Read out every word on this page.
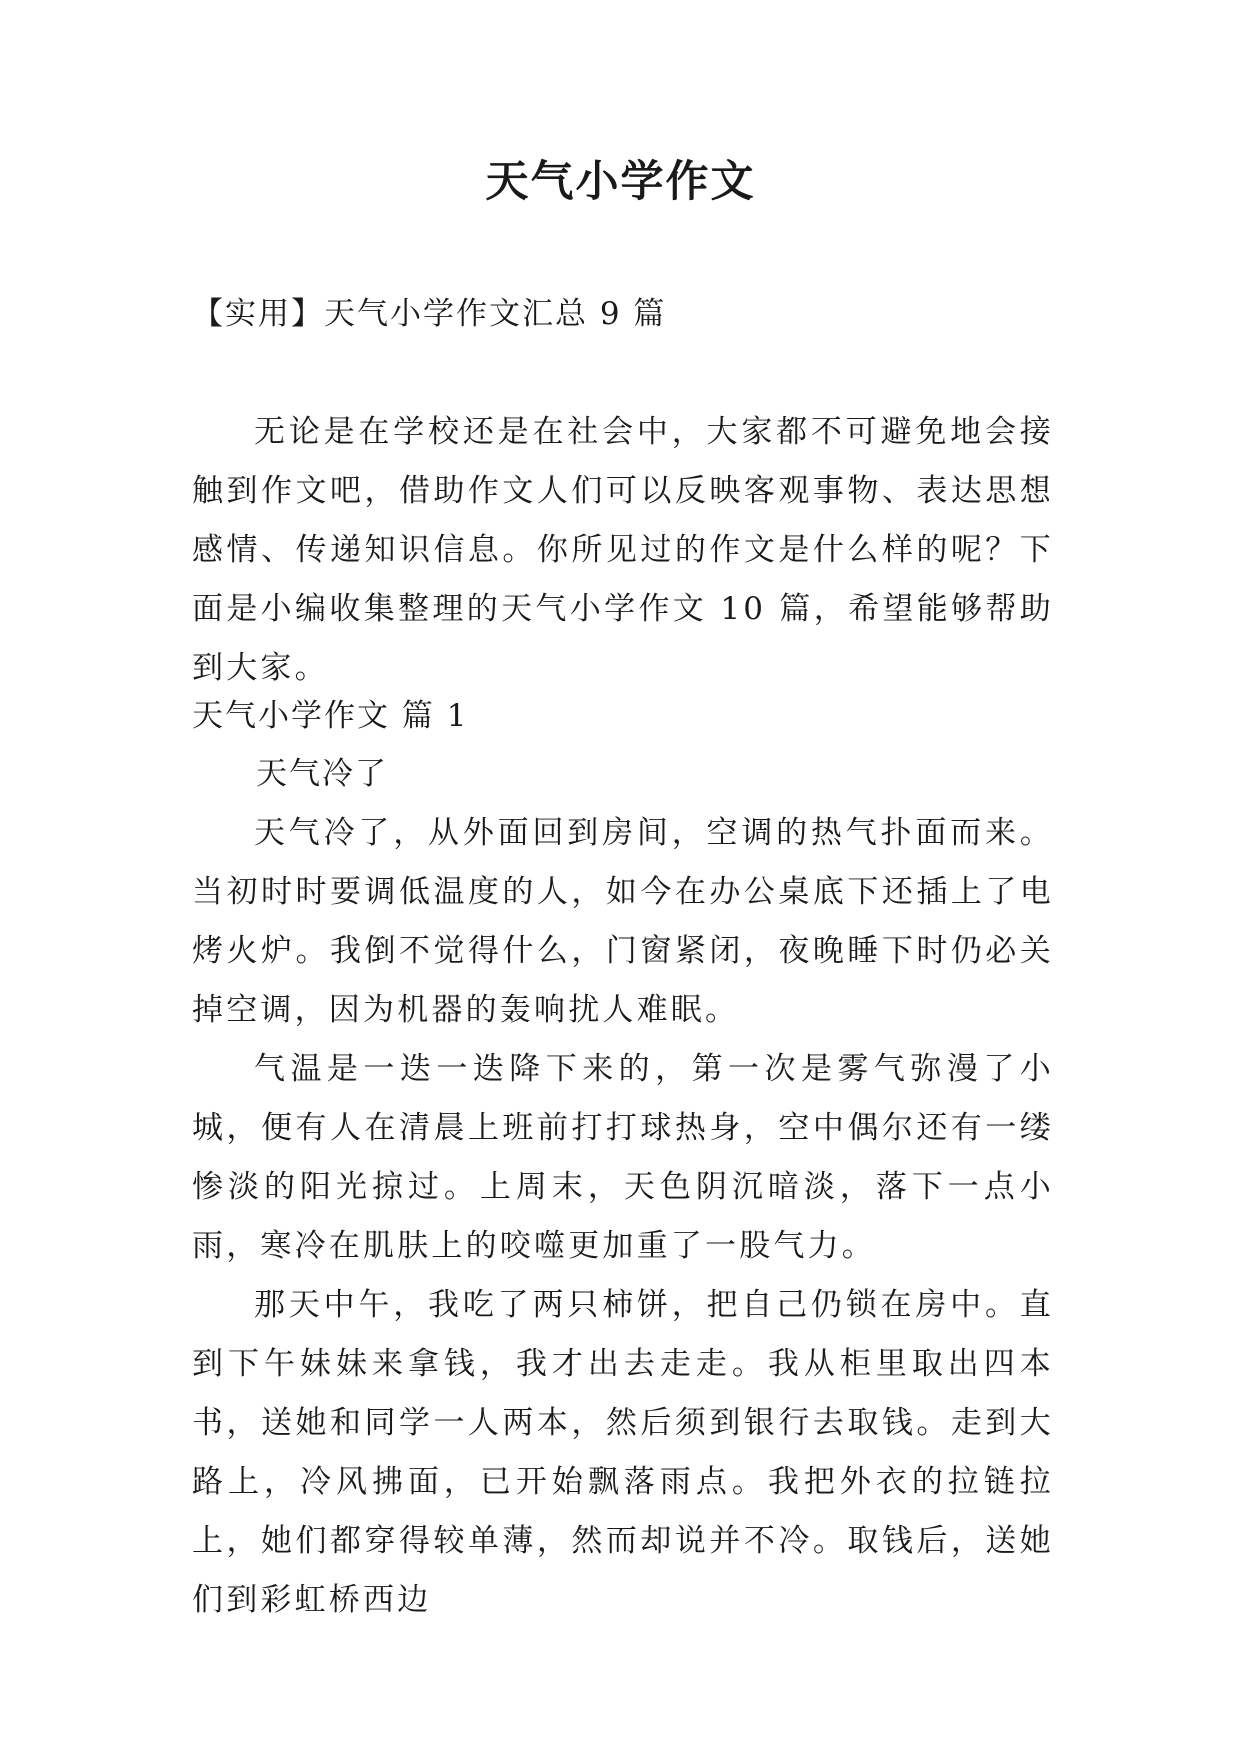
天气小学作文
【实用】天气小学作文汇总 9 篇

无论是在学校还是在社会中，大家都不可避免地会接触到作文吧，借助作文人们可以反映客观事物、表达思想感情、传递知识信息。你所见过的作文是什么样的呢？下面是小编收集整理的天气小学作文 10 篇，希望能够帮助到大家。

天气小学作文 篇 1
天气冷了

天气冷了，从外面回到房间，空调的热气扑面而来。当初时时要调低温度的人，如今在办公桌底下还插上了电烤火炉。我倒不觉得什么，门窗紧闭，夜晚睡下时仍必关掉空调，因为机器的轰响扰人难眠。

气温是一迭一迭降下来的，第一次是雾气弥漫了小城，便有人在清晨上班前打打球热身，空中偶尔还有一缕惨淡的阳光掠过。上周末，天色阴沉暗淡，落下一点小雨，寒冷在肌肤上的咬噬更加重了一股气力。

那天中午，我吃了两只柿饼，把自己仍锁在房中。直到下午妹妹来拿钱，我才出去走走。我从柜里取出四本书，送她和同学一人两本，然后须到银行去取钱。走到大路上，冷风拂面，已开始飘落雨点。我把外衣的拉链拉上，她们都穿得较单薄，然而却说并不冷。取钱后，送她们到彩虹桥西边
